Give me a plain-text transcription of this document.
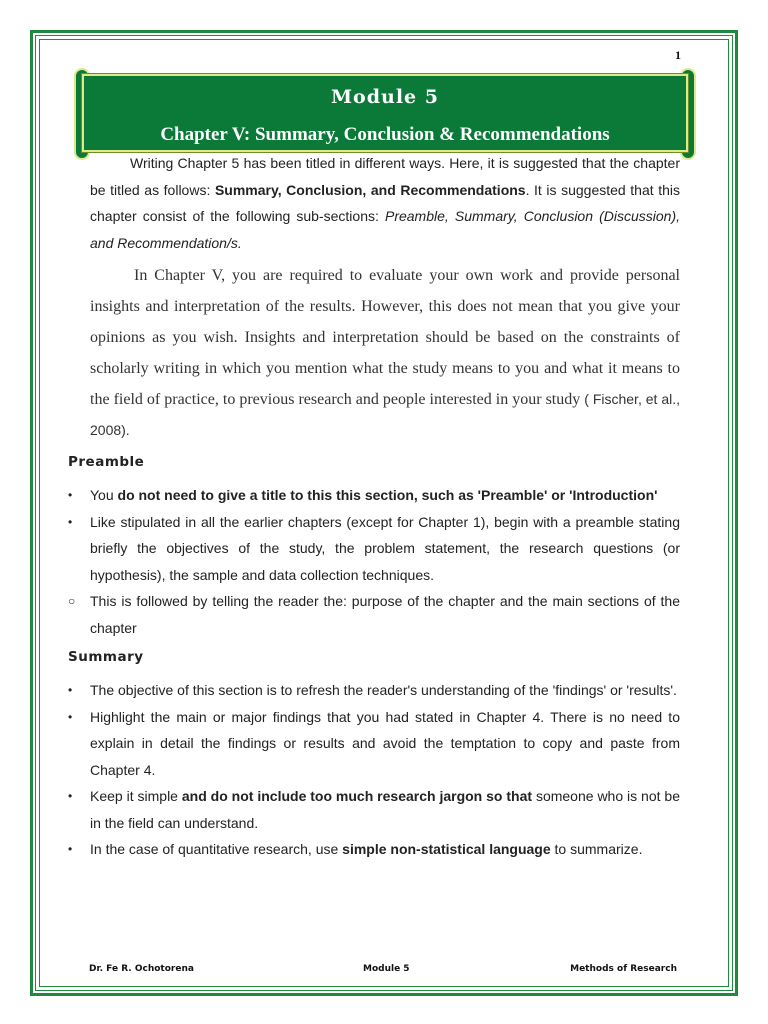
1
Module 5
Chapter V: Summary, Conclusion & Recommendations

Writing Chapter 5 has been titled in different ways. Here, it is suggested that the chapter be titled as follows: Summary, Conclusion, and Recommendations. It is suggested that this chapter consist of the following sub-sections: Preamble, Summary, Conclusion (Discussion), and Recommendation/s.

In Chapter V, you are required to evaluate your own work and provide personal insights and interpretation of the results. However, this does not mean that you give your opinions as you wish. Insights and interpretation should be based on the constraints of scholarly writing in which you mention what the study means to you and what it means to the field of practice, to previous research and people interested in your study ( Fischer, et al., 2008).

Preamble
•	You do not need to give a title to this this section, such as 'Preamble' or 'Introduction'
•	Like stipulated in all the earlier chapters (except for Chapter 1), begin with a preamble stating briefly the objectives of the study, the problem statement, the research questions (or hypothesis), the sample and data collection techniques.
○	This is followed by telling the reader the: purpose of the chapter and the main sections of the chapter
Summary
•	The objective of this section is to refresh the reader's understanding of the 'findings' or 'results'.
•	Highlight the main or major findings that you had stated in Chapter 4. There is no need to explain in detail the findings or results and avoid the temptation to copy and paste from Chapter 4.
•	Keep it simple and do not include too much research jargon so that someone who is not be in the field can understand.
•	In the case of quantitative research, use simple non-statistical language to summarize.
Dr. Fe R. Ochotorena	Module 5	Methods of Research
